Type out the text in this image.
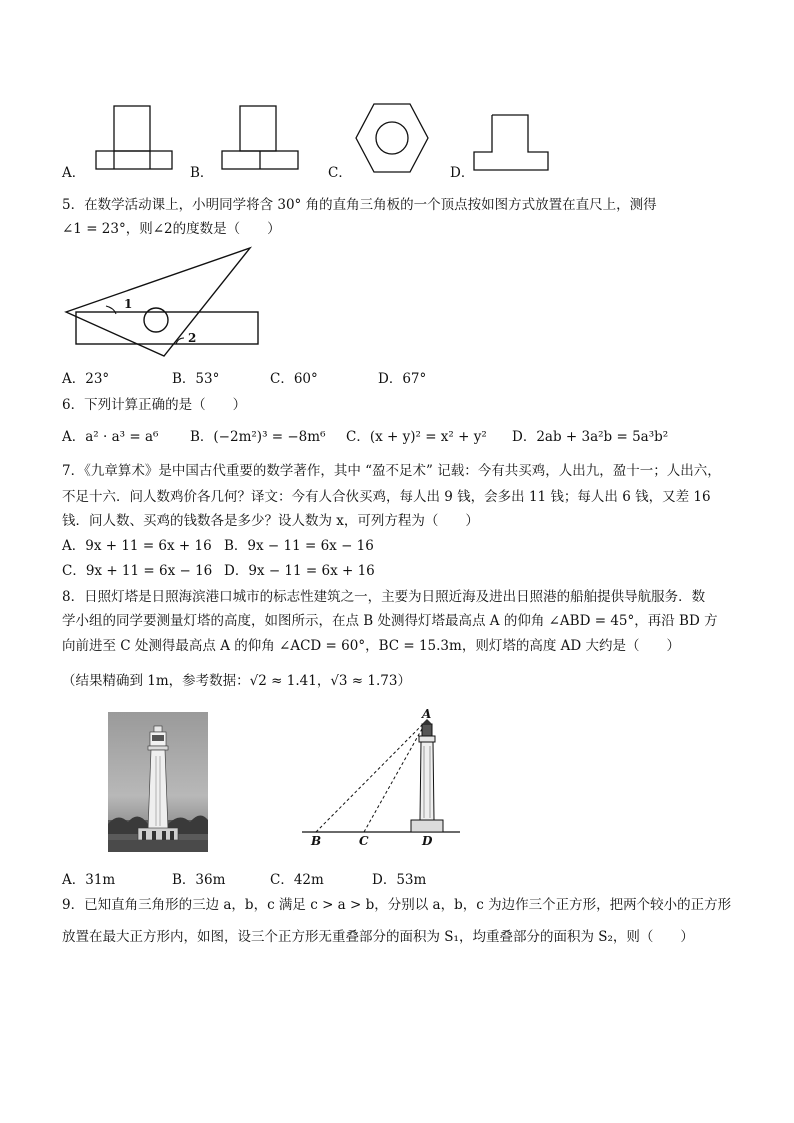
A．	B．	C．	D．
5．在数学活动课上，小明同学将含 30° 角的直角三角板的一个顶点按如图方式放置在直尺上，测得
∠1 = 23°，则∠2的度数是（　　）
1
2
A．23°	B．53°	C．60°	D．67°
6．下列计算正确的是（　　）
A．a² · a³ = a⁶ B．(−2m²)³ = −8m⁶ C．(x + y)² = x² + y² D．2ab + 3a²b = 5a³b²
7．《九章算术》是中国古代重要的数学著作，其中 “盈不足术” 记载：今有共买鸡，人出九，盈十一；人出六，
不足十六．问人数鸡价各几何？译文：今有人合伙买鸡，每人出 9 钱，会多出 11 钱；每人出 6 钱，又差 16
钱．问人数、买鸡的钱数各是多少？设人数为 x，可列方程为（　　）
A．9x + 11 = 6x + 16 B．9x − 11 = 6x − 16
C．9x + 11 = 6x − 16 D．9x − 11 = 6x + 16
8．日照灯塔是日照海滨港口城市的标志性建筑之一，主要为日照近海及进出日照港的船舶提供导航服务．数
学小组的同学要测量灯塔的高度，如图所示，在点 B 处测得灯塔最高点 A 的仰角 ∠ABD = 45°，再沿 BD 方
向前进至 C 处测得最高点 A 的仰角 ∠ACD = 60°，BC = 15.3m，则灯塔的高度 AD 大约是（　　）
（结果精确到 1m，参考数据：√2 ≈ 1.41，√3 ≈ 1.73）
A
B	C	D
A．31m	B．36m	C．42m	D．53m
9．已知直角三角形的三边 a，b，c 满足 c > a > b，分别以 a，b，c 为边作三个正方形，把两个较小的正方形
放置在最大正方形内，如图，设三个正方形无重叠部分的面积为 S₁，均重叠部分的面积为 S₂，则（　　）
